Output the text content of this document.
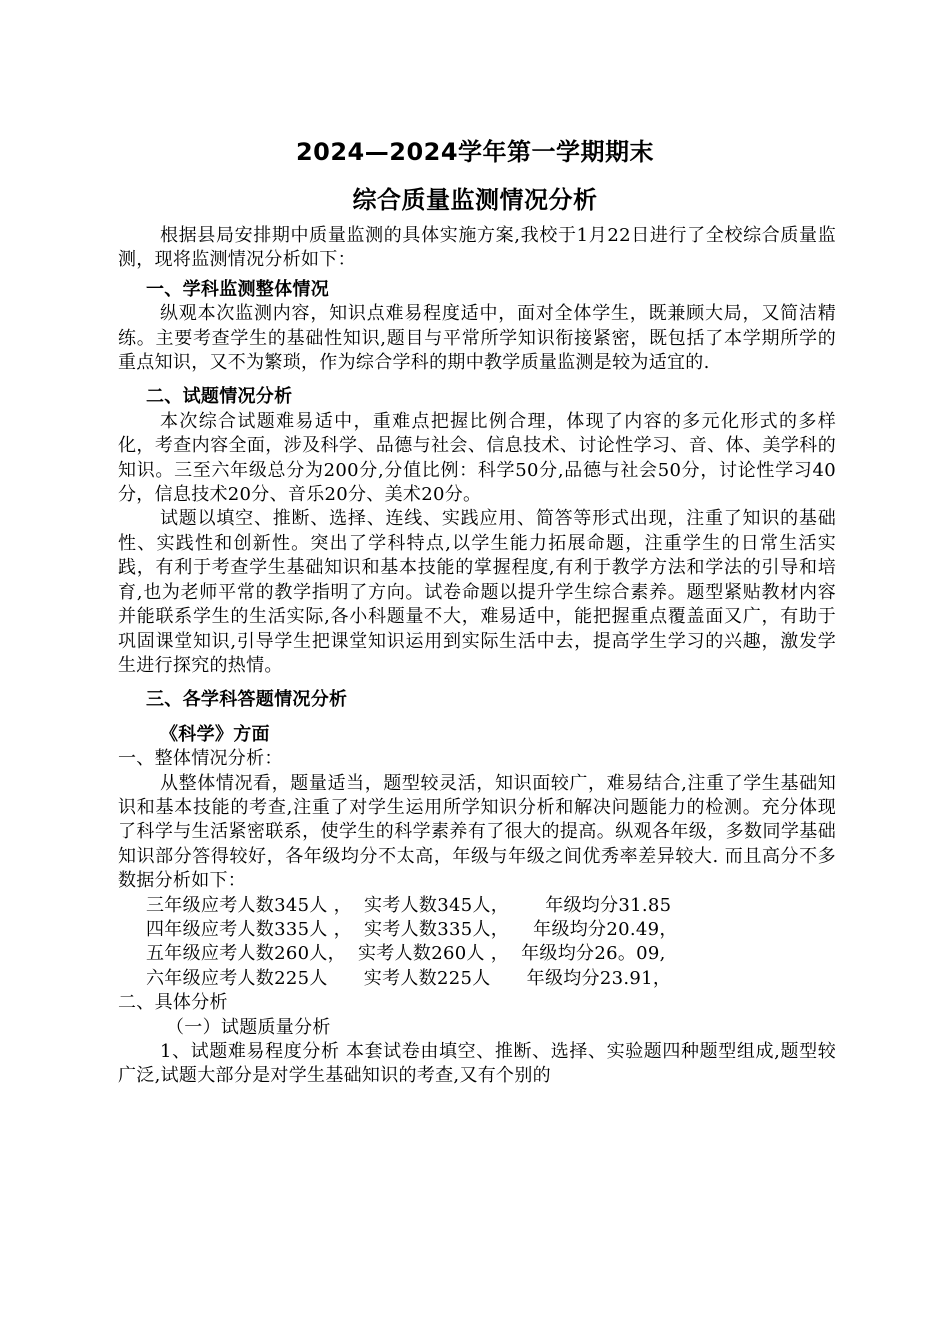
2024—2024学年第一学期期末
综合质量监测情况分析

根据县局安排期中质量监测的具体实施方案,我校于1月22日进行了全校综合质量监测，现将监测情况分析如下：

一、学科监测整体情况

纵观本次监测内容，知识点难易程度适中，面对全体学生，既兼顾大局，又简洁精练。主要考查学生的基础性知识,题目与平常所学知识衔接紧密，既包括了本学期所学的重点知识，又不为繁琐，作为综合学科的期中教学质量监测是较为适宜的.

二、试题情况分析

本次综合试题难易适中，重难点把握比例合理，体现了内容的多元化形式的多样化，考查内容全面，涉及科学、品德与社会、信息技术、讨论性学习、音、体、美学科的知识。三至六年级总分为200分,分值比例：科学50分,品德与社会50分，讨论性学习40分，信息技术20分、音乐20分、美术20分。

试题以填空、推断、选择、连线、实践应用、简答等形式出现，注重了知识的基础性、实践性和创新性。突出了学科特点,以学生能力拓展命题，注重学生的日常生活实践，有利于考查学生基础知识和基本技能的掌握程度,有利于教学方法和学法的引导和培育,也为老师平常的教学指明了方向。试卷命题以提升学生综合素养。题型紧贴教材内容并能联系学生的生活实际,各小科题量不大，难易适中，能把握重点覆盖面又广，有助于巩固课堂知识,引导学生把课堂知识运用到实际生活中去，提高学生学习的兴趣，激发学生进行探究的热情。

三、各学科答题情况分析

《科学》方面

一、整体情况分析：

从整体情况看，题量适当，题型较灵活，知识面较广，难易结合,注重了学生基础知识和基本技能的考查,注重了对学生运用所学知识分析和解决问题能力的检测。充分体现了科学与生活紧密联系，使学生的科学素养有了很大的提高。纵观各年级，多数同学基础知识部分答得较好，各年级均分不太高，年级与年级之间优秀率差异较大. 而且高分不多 数据分析如下：

三年级应考人数345人 ，  实考人数345人，      年级均分31.85

四年级应考人数335人 ，  实考人数335人，    年级均分20.49，

五年级应考人数260人，  实考人数260人 ，  年级均分26。09,

六年级应考人数225人      实考人数225人      年级均分23.91，

二、具体分析

（一）试题质量分析

1、试题难易程度分析 本套试卷由填空、推断、选择、实验题四种题型组成,题型较广泛,试题大部分是对学生基础知识的考查,又有个别的
